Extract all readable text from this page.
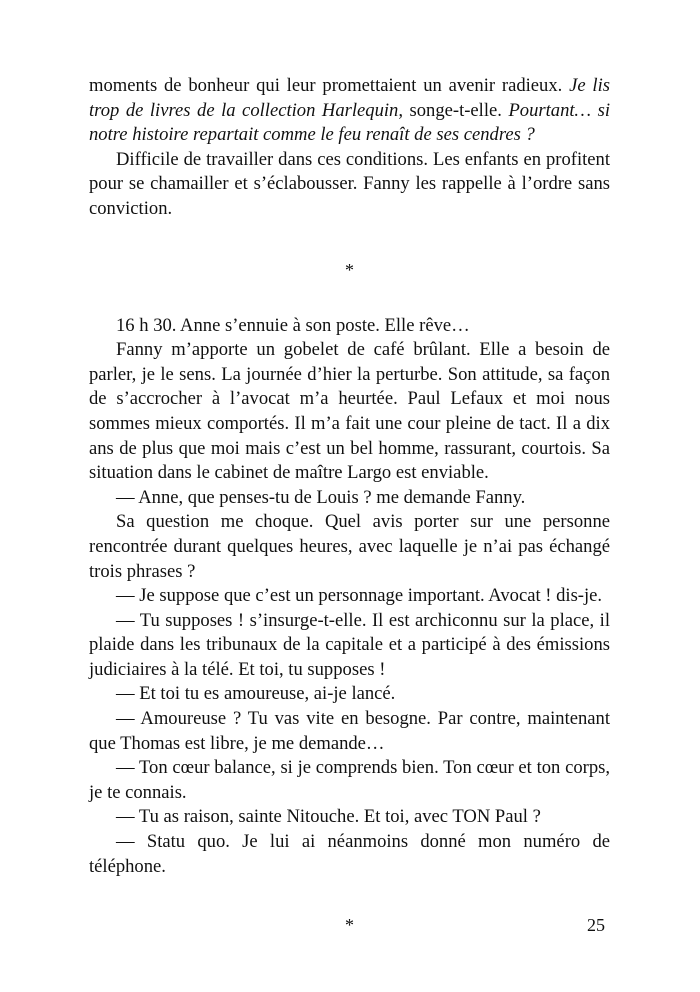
moments de bonheur qui leur promettaient un avenir radieux. Je lis trop de livres de la collection Harlequin, songe-t-elle. Pourtant… si notre histoire repartait comme le feu renaît de ses cendres ?

Difficile de travailler dans ces conditions. Les enfants en profitent pour se chamailler et s’éclabousser. Fanny les rappelle à l’ordre sans conviction.

*

16 h 30. Anne s’ennuie à son poste. Elle rêve…

Fanny m’apporte un gobelet de café brûlant. Elle a besoin de parler, je le sens. La journée d’hier la perturbe. Son attitude, sa façon de s’accrocher à l’avocat m’a heurtée. Paul Lefaux et moi nous sommes mieux comportés. Il m’a fait une cour pleine de tact. Il a dix ans de plus que moi mais c’est un bel homme, rassurant, courtois. Sa situation dans le cabinet de maître Largo est enviable.

— Anne, que penses-tu de Louis ? me demande Fanny.

Sa question me choque. Quel avis porter sur une personne rencontrée durant quelques heures, avec laquelle je n’ai pas échangé trois phrases ?

— Je suppose que c’est un personnage important. Avocat ! dis-je.

— Tu supposes ! s’insurge-t-elle. Il est archiconnu sur la place, il plaide dans les tribunaux de la capitale et a participé à des émissions judiciaires à la télé. Et toi, tu supposes !

— Et toi tu es amoureuse, ai-je lancé.

— Amoureuse ? Tu vas vite en besogne. Par contre, maintenant que Thomas est libre, je me demande…

— Ton cœur balance, si je comprends bien. Ton cœur et ton corps, je te connais.

— Tu as raison, sainte Nitouche. Et toi, avec TON Paul ?

— Statu quo. Je lui ai néanmoins donné mon numéro de téléphone.

*	25
